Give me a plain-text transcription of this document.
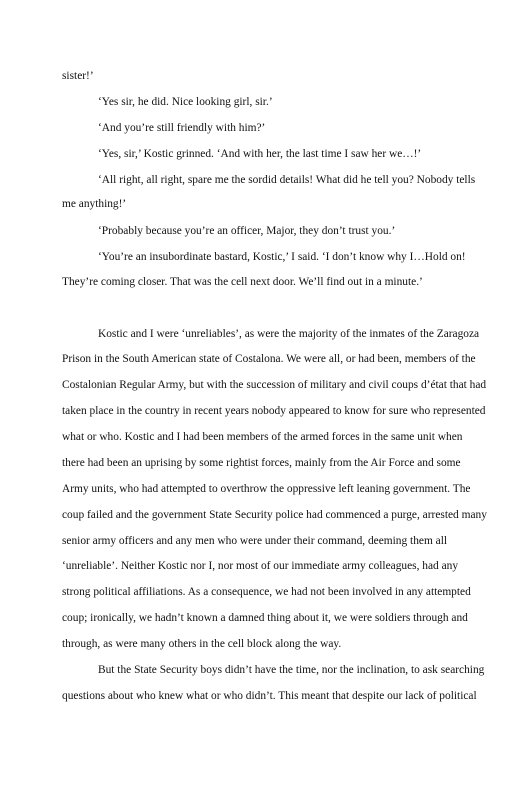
sister!’
‘Yes sir, he did. Nice looking girl, sir.’
‘And you’re still friendly with him?’
‘Yes, sir,’ Kostic grinned. ‘And with her, the last time I saw her we…!’
‘All right, all right, spare me the sordid details! What did he tell you? Nobody tells
me anything!’
‘Probably because you’re an officer, Major, they don’t trust you.’
‘You’re an insubordinate bastard, Kostic,’ I said. ‘I don’t know why I…Hold on!
They’re coming closer. That was the cell next door. We’ll find out in a minute.’
Kostic and I were ‘unreliables’, as were the majority of the inmates of the Zaragoza
Prison in the South American state of Costalona. We were all, or had been, members of the
Costalonian Regular Army, but with the succession of military and civil coups d’état that had
taken place in the country in recent years nobody appeared to know for sure who represented
what or who. Kostic and I had been members of the armed forces in the same unit when
there had been an uprising by some rightist forces, mainly from the Air Force and some
Army units, who had attempted to overthrow the oppressive left leaning government. The
coup failed and the government State Security police had commenced a purge, arrested many
senior army officers and any men who were under their command, deeming them all
‘unreliable’. Neither Kostic nor I, nor most of our immediate army colleagues, had any
strong political affiliations. As a consequence, we had not been involved in any attempted
coup; ironically, we hadn’t known a damned thing about it, we were soldiers through and
through, as were many others in the cell block along the way.
But the State Security boys didn’t have the time, nor the inclination, to ask searching
questions about who knew what or who didn’t. This meant that despite our lack of political
